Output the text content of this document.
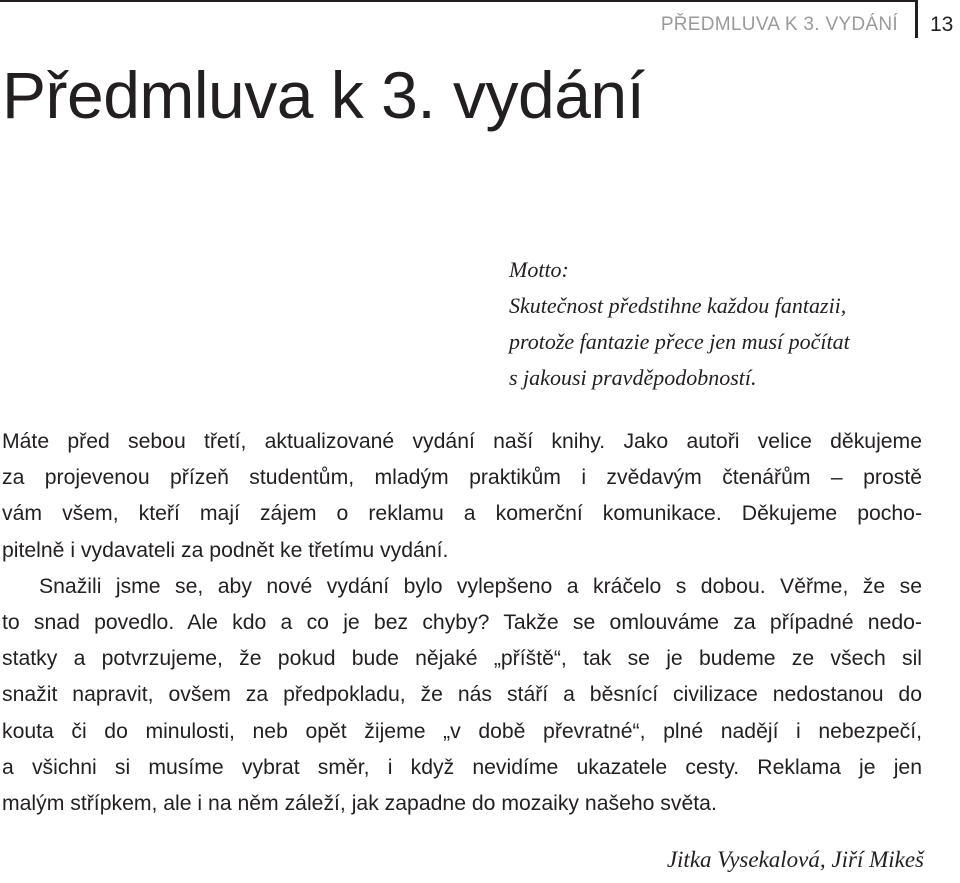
PŘEDMLUVA K 3. VYDÁNÍ 13
Předmluva k 3. vydání
Motto:
Skutečnost předstihne každou fantazii,
protože fantazie přece jen musí počítat
s jakousi pravděpodobností.
Máte před sebou třetí, aktualizované vydání naší knihy. Jako autoři velice děkujeme
za projevenou přízeň studentům, mladým praktikům i zvědavým čtenářům – prostě
vám všem, kteří mají zájem o reklamu a komerční komunikace. Děkujeme pocho-
pitelně i vydavateli za podnět ke třetímu vydání.
Snažili jsme se, aby nové vydání bylo vylepšeno a kráčelo s dobou. Věřme, že se
to snad povedlo. Ale kdo a co je bez chyby? Takže se omlouváme za případné nedo-
statky a potvrzujeme, že pokud bude nějaké „příště“, tak se je budeme ze všech sil
snažit napravit, ovšem za předpokladu, že nás stáří a běsnící civilizace nedostanou do
kouta či do minulosti, neb opět žijeme „v době převratné“, plné nadějí i nebezpečí,
a všichni si musíme vybrat směr, i když nevidíme ukazatele cesty. Reklama je jen
malým střípkem, ale i na něm záleží, jak zapadne do mozaiky našeho světa.
Jitka Vysekalová, Jiří Mikeš
